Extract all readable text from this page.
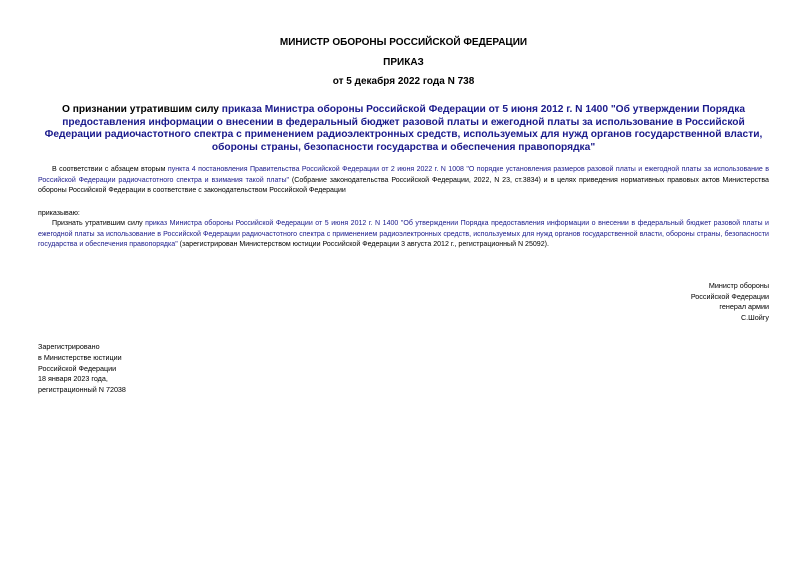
МИНИСТР ОБОРОНЫ РОССИЙСКОЙ ФЕДЕРАЦИИ
ПРИКАЗ
от 5 декабря 2022 года N 738
О признании утратившим силу приказа Министра обороны Российской Федерации от 5 июня 2012 г. N 1400 "Об утверждении Порядка предоставления информации о внесении в федеральный бюджет разовой платы и ежегодной платы за использование в Российской Федерации радиочастотного спектра с применением радиоэлектронных средств, используемых для нужд органов государственной власти, обороны страны, безопасности государства и обеспечения правопорядка"
В соответствии с абзацем вторым пункта 4 постановления Правительства Российской Федерации от 2 июня 2022 г. N 1008 "О порядке установления размеров разовой платы и ежегодной платы за использование в Российской Федерации радиочастотного спектра и взимания такой платы" (Собрание законодательства Российской Федерации, 2022, N 23, ст.3834) и в целях приведения нормативных правовых актов Министерства обороны Российской Федерации в соответствие с законодательством Российской Федерации
приказываю:
Признать утратившим силу приказ Министра обороны Российской Федерации от 5 июня 2012 г. N 1400 "Об утверждении Порядка предоставления информации о внесении в федеральный бюджет разовой платы и ежегодной платы за использование в Российской Федерации радиочастотного спектра с применением радиоэлектронных средств, используемых для нужд органов государственной власти, обороны страны, безопасности государства и обеспечения правопорядка" (зарегистрирован Министерством юстиции Российской Федерации 3 августа 2012 г., регистрационный N 25092).
Министр обороны
Российской Федерации
генерал армии
С.Шойгу
Зарегистрировано
в Министерстве юстиции
Российской Федерации
18 января 2023 года,
регистрационный N 72038
